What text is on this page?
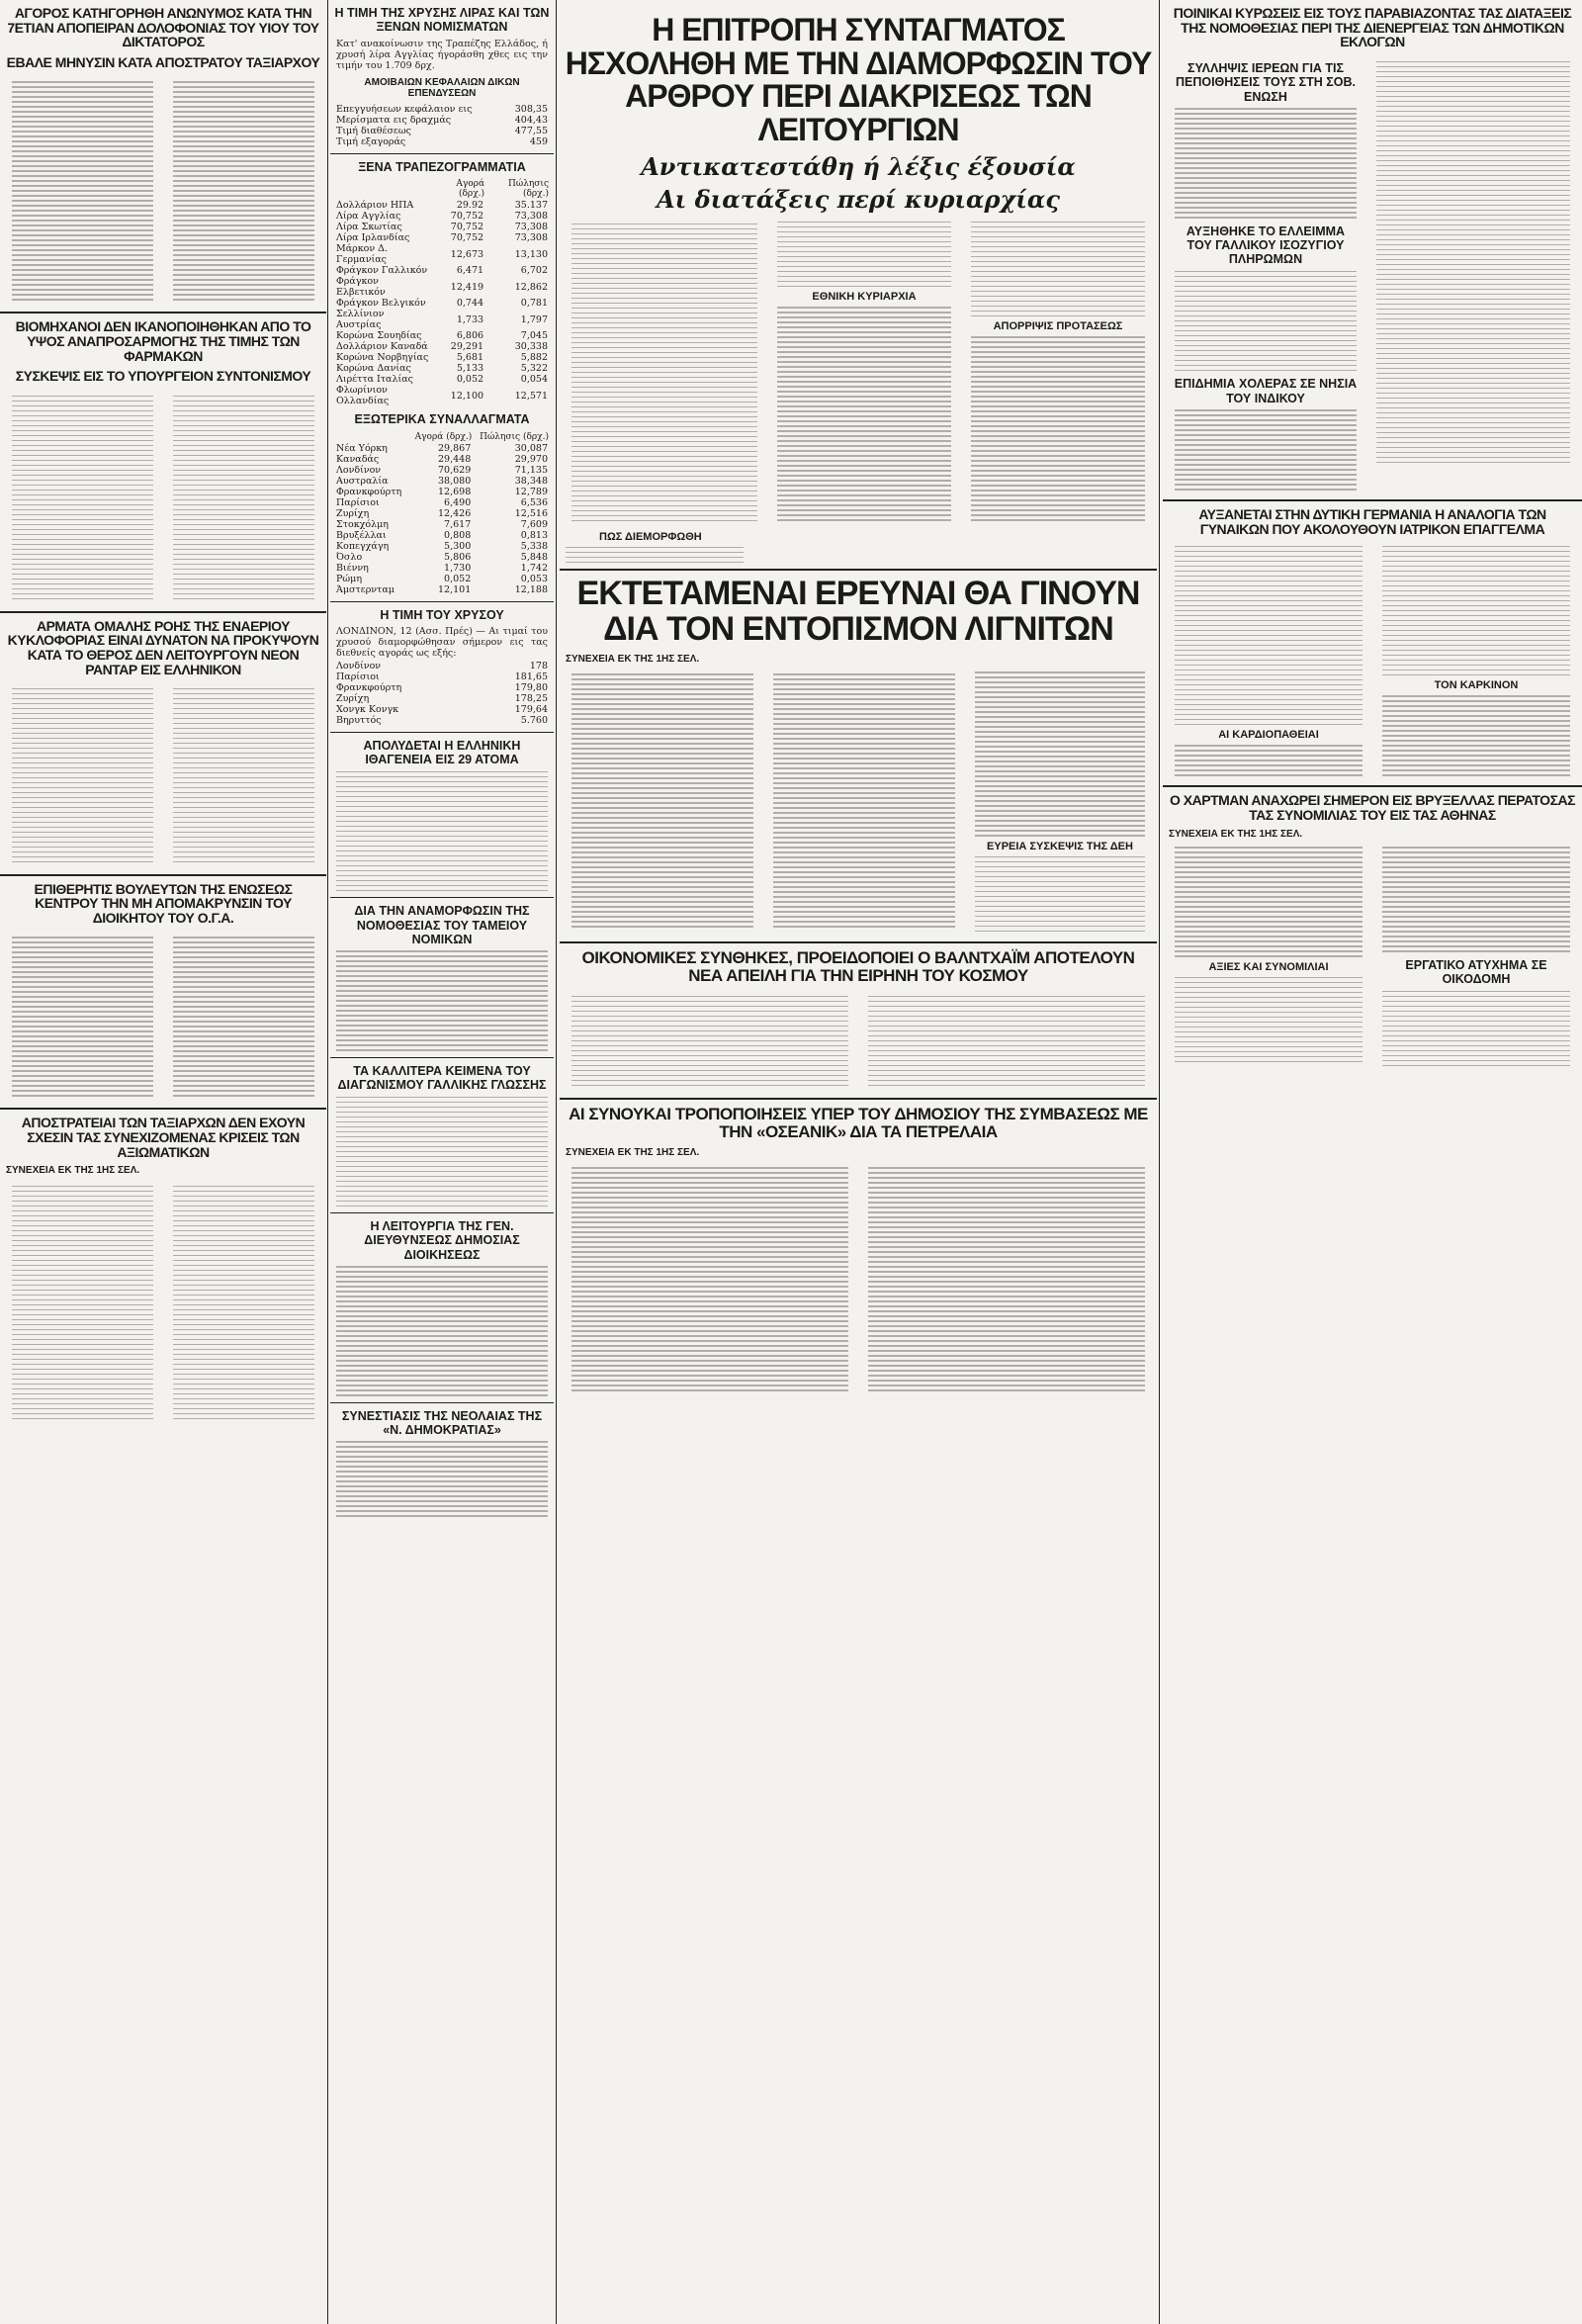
ΑΓΟΡΟΣ ΚΑΤΗΓΟΡΗΘΗ ΑΝΩΝΥΜΟΣ ΚΑΤΑ ΤΗΝ 7ΕΤΙΑΝ ΑΠΟΠΕΙΡΑΝ ΔΟΛΟΦΟΝΙΑΣ ΤΟΥ ΥΙΟΥ ΤΟΥ ΔΙΚΤΑΤΟΡΟΣ
ΕΒΑΛΕ ΜΗΝΥΣΙΝ ΚΑΤΑ ΑΠΟΣΤΡΑΤΟΥ ΤΑΞΙΑΡΧΟΥ
ΒΙΟΜΗΧΑΝΟΙ ΔΕΝ ΙΚΑΝΟΠΟΙΗΘΗΚΑΝ ΑΠΟ ΤΟ ΥΨΟΣ ΑΝΑΠΡΟΣΑΡΜΟΓΗΣ ΤΗΣ ΤΙΜΗΣ ΤΩΝ ΦΑΡΜΑΚΩΝ
ΣΥΣΚΕΨΙΣ ΕΙΣ ΤΟ ΥΠΟΥΡΓΕΙΟΝ ΣΥΝΤΟΝΙΣΜΟΥ
ΑΡΜΑΤΑ ΟΜΑΛΗΣ ΡΟΗΣ ΤΗΣ ΕΝΑΕΡΙΟΥ ΚΥΚΛΟΦΟΡΙΑΣ ΕΙΝΑΙ ΔΥΝΑΤΟΝ ΝΑ ΠΡΟΚΥΨΟΥΝ ΚΑΤΑ ΤΟ ΘΕΡΟΣ ΔΕΝ ΛΕΙΤΟΥΡΓΟΥΝ ΝΕΟΝ ΡΑΝΤΑΡ ΕΙΣ ΕΛΛΗΝΙΚΟΝ
ΕΠΙΘΕΡΗΤΙΣ ΒΟΥΛΕΥΤΩΝ ΤΗΣ ΕΝΩΣΕΩΣ ΚΕΝΤΡΟΥ ΤΗΝ ΜΗ ΑΠΟΜΑΚΡΥΝΣΙΝ ΤΟΥ ΔΙΟΙΚΗΤΟΥ ΤΟΥ Ο.Γ.Α.
ΑΠΟΣΤΡΑΤΕΙΑΙ ΤΩΝ ΤΑΞΙΑΡΧΩΝ ΔΕΝ ΕΧΟΥΝ ΣΧΕΣΙΝ ΤΑΣ ΣΥΝΕΧΙΖΟΜΕΝΑΣ ΚΡΙΣΕΙΣ ΤΩΝ ΑΞΙΩΜΑΤΙΚΩΝ
ΣΥΝΕΧΕΙΑ ΕΚ ΤΗΣ 1ΗΣ ΣΕΛ.
Η ΤΙΜΗ ΤΗΣ ΧΡΥΣΗΣ ΛΙΡΑΣ ΚΑΙ ΤΩΝ ΞΕΝΩΝ ΝΟΜΙΣΜΑΤΩΝ
Κατ' ανακοίνωσιν της Τραπέζης Ελλάδος, ή χρυσή λίρα Αγγλίας ήγοράσθη χθες εις την τιμήν του 1.709 δρχ.
ΑΜΟΙΒΑΙΩΝ ΚΕΦΑΛΑΙΩΝ ΔΙΚΩΝ ΕΠΕΝΔΥΣΕΩΝ
Επεγγυήσεων κεφάλαιον εις	308,35
Μερίσματα εις δραχμάς	404,43
Τιμή διαθέσεως	477,55
Τιμή εξαγοράς	459
ΞΕΝΑ ΤΡΑΠΕΖΟΓΡΑΜΜΑΤΙΑ
	Αγορά (δρχ.)	Πώλησις (δρχ.)
Δολλάριον ΗΠΑ	29.92	35.137
Λίρα Αγγλίας	70,752	73,308
Λίρα Σκωτίας	70,752	73,308
Λίρα Ιρλανδίας	70,752	73,308
Μάρκον Δ. Γερμανίας	12,673	13,130
Φράγκον Γαλλικόν	6,471	6,702
Φράγκον Ελβετικόν	12,419	12,862
Φράγκον Βελγικόν	0,744	0,781
Σελλίνιον Αυστρίας	1,733	1,797
Κορώνα Σουηδίας	6,806	7,045
Δολλάριον Καναδά	29,291	30,338
Κορώνα Νορβηγίας	5,681	5,882
Κορώνα Δανίας	5,133	5,322
Λιρέττα Ιταλίας	0,052	0,054
Φλωρίνιον Ολλανδίας	12,100	12,571
ΕΞΩΤΕΡΙΚΑ ΣΥΝΑΛΛΑΓΜΑΤΑ
	Αγορά (δρχ.)	Πώλησις (δρχ.)
Νέα Υόρκη	29,867	30,087
Καναδάς	29,448	29,970
Λονδίνον	70,629	71,135
Αυστραλία	38,080	38,348
Φρανκφούρτη	12,698	12,789
Παρίσιοι	6,490	6,536
Ζυρίχη	12,426	12,516
Στοκχόλμη	7,617	7,609
Βρυξέλλαι	0,808	0,813
Κοπεγχάγη	5,300	5,338
Όσλο	5,806	5,848
Βιέννη	1,730	1,742
Ρώμη	0,052	0,053
Άμστερνταμ	12,101	12,188
Η ΤΙΜΗ ΤΟΥ ΧΡΥΣΟΥ
ΛΟΝΔΙΝΟΝ, 12 (Ασσ. Πρές) — Αι τιμαί του χρυσού διαμορφώθησαν σήμερον εις τας διεθνείς αγοράς ως εξής:
Λονδίνον	178
Παρίσιοι	181,65
Φρανκφούρτη	179,80
Ζυρίχη	178,25
Χονγκ Κονγκ	179,64
Βηρυττός	5.760
ΑΠΟΛΥΔΕΤΑΙ Η ΕΛΛΗΝΙΚΗ ΙΘΑΓΕΝΕΙΑ ΕΙΣ 29 ΑΤΟΜΑ
ΔΙΑ ΤΗΝ ΑΝΑΜΟΡΦΩΣΙΝ ΤΗΣ ΝΟΜΟΘΕΣΙΑΣ ΤΟΥ ΤΑΜΕΙΟΥ ΝΟΜΙΚΩΝ
ΤΑ ΚΑΛΛΙΤΕΡΑ ΚΕΙΜΕΝΑ ΤΟΥ ΔΙΑΓΩΝΙΣΜΟΥ ΓΑΛΛΙΚΗΣ ΓΛΩΣΣΗΣ
Η ΛΕΙΤΟΥΡΓΙΑ ΤΗΣ ΓΕΝ. ΔΙΕΥΘΥΝΣΕΩΣ ΔΗΜΟΣΙΑΣ ΔΙΟΙΚΗΣΕΩΣ
ΣΥΝΕΣΤΙΑΣΙΣ ΤΗΣ ΝΕΟΛΑΙΑΣ ΤΗΣ «Ν. ΔΗΜΟΚΡΑΤΙΑΣ»
Η ΕΠΙΤΡΟΠΗ ΣΥΝΤΑΓΜΑΤΟΣ ΗΣΧΟΛΗΘΗ ΜΕ ΤΗΝ ΔΙΑΜΟΡΦΩΣΙΝ ΤΟΥ ΑΡΘΡΟΥ ΠΕΡΙ ΔΙΑΚΡΙΣΕΩΣ ΤΩΝ ΛΕΙΤΟΥΡΓΙΩΝ
Αντικατεστάθη ή λέξις έξουσία
Αι διατάξεις περί κυριαρχίας
ΕΘΝΙΚΗ ΚΥΡΙΑΡΧΙΑ
ΑΠΟΡΡΙΨΙΣ ΠΡΟΤΑΣΕΩΣ
ΠΩΣ ΔΙΕΜΟΡΦΩΘΗ
ΕΚΤΕΤΑΜΕΝΑΙ ΕΡΕΥΝΑΙ ΘΑ ΓΙΝΟΥΝ ΔΙΑ ΤΟΝ ΕΝΤΟΠΙΣΜΟΝ ΛΙΓΝΙΤΩΝ
ΣΥΝΕΧΕΙΑ ΕΚ ΤΗΣ 1ΗΣ ΣΕΛ.
ΕΥΡΕΙΑ ΣΥΣΚΕΨΙΣ ΤΗΣ ΔΕΗ
ΟΙΚΟΝΟΜΙΚΕΣ ΣΥΝΘΗΚΕΣ, ΠΡΟΕΙΔΟΠΟΙΕΙ Ο ΒΑΛΝΤΧΑΪΜ ΑΠΟΤΕΛΟΥΝ ΝΕΑ ΑΠΕΙΛΗ ΓΙΑ ΤΗΝ ΕΙΡΗΝΗ ΤΟΥ ΚΟΣΜΟΥ
ΑΙ ΣΥΝΟΥΚΑΙ ΤΡΟΠΟΠΟΙΗΣΕΙΣ ΥΠΕΡ ΤΟΥ ΔΗΜΟΣΙΟΥ ΤΗΣ ΣΥΜΒΑΣΕΩΣ ΜΕ ΤΗΝ «ΟΣΕΑΝΙΚ» ΔΙΑ ΤΑ ΠΕΤΡΕΛΑΙΑ
ΣΥΝΕΧΕΙΑ ΕΚ ΤΗΣ 1ΗΣ ΣΕΛ.
ΠΟΙΝΙΚΑΙ ΚΥΡΩΣΕΙΣ ΕΙΣ ΤΟΥΣ ΠΑΡΑΒΙΑΖΟΝΤΑΣ ΤΑΣ ΔΙΑΤΑΞΕΙΣ ΤΗΣ ΝΟΜΟΘΕΣΙΑΣ ΠΕΡΙ ΤΗΣ ΔΙΕΝΕΡΓΕΙΑΣ ΤΩΝ ΔΗΜΟΤΙΚΩΝ ΕΚΛΟΓΩΝ
ΣΥΛΛΗΨΙΣ ΙΕΡΕΩΝ ΓΙΑ ΤΙΣ ΠΕΠΟΙΘΗΣΕΙΣ ΤΟΥΣ ΣΤΗ ΣΟΒ. ΕΝΩΣΗ
ΑΥΞΗΘΗΚΕ ΤΟ ΕΛΛΕΙΜΜΑ ΤΟΥ ΓΑΛΛΙΚΟΥ ΙΣΟΖΥΓΙΟΥ ΠΛΗΡΩΜΩΝ
ΕΠΙΔΗΜΙΑ ΧΟΛΕΡΑΣ ΣΕ ΝΗΣΙΑ ΤΟΥ ΙΝΔΙΚΟΥ
ΑΥΞΑΝΕΤΑΙ ΣΤΗΝ ΔΥΤΙΚΗ ΓΕΡΜΑΝΙΑ Η ΑΝΑΛΟΓΙΑ ΤΩΝ ΓΥΝΑΙΚΩΝ ΠΟΥ ΑΚΟΛΟΥΘΟΥΝ ΙΑΤΡΙΚΟΝ ΕΠΑΓΓΕΛΜΑ
ΑΙ ΚΑΡΔΙΟΠΑΘΕΙΑΙ
ΤΟΝ ΚΑΡΚΙΝΟΝ
Ο ΧΑΡΤΜΑΝ ΑΝΑΧΩΡΕΙ ΣΗΜΕΡΟΝ ΕΙΣ ΒΡΥΞΕΛΛΑΣ ΠΕΡΑΤΟΣΑΣ ΤΑΣ ΣΥΝΟΜΙΛΙΑΣ ΤΟΥ ΕΙΣ ΤΑΣ ΑΘΗΝΑΣ
ΣΥΝΕΧΕΙΑ ΕΚ ΤΗΣ 1ΗΣ ΣΕΛ.
ΑΞΙΕΣ ΚΑΙ ΣΥΝΟΜΙΛΙΑΙ	ΕΡΓΑΤΙΚΟ ΑΤΥΧΗΜΑ ΣΕ ΟΙΚΟΔΟΜΗ
